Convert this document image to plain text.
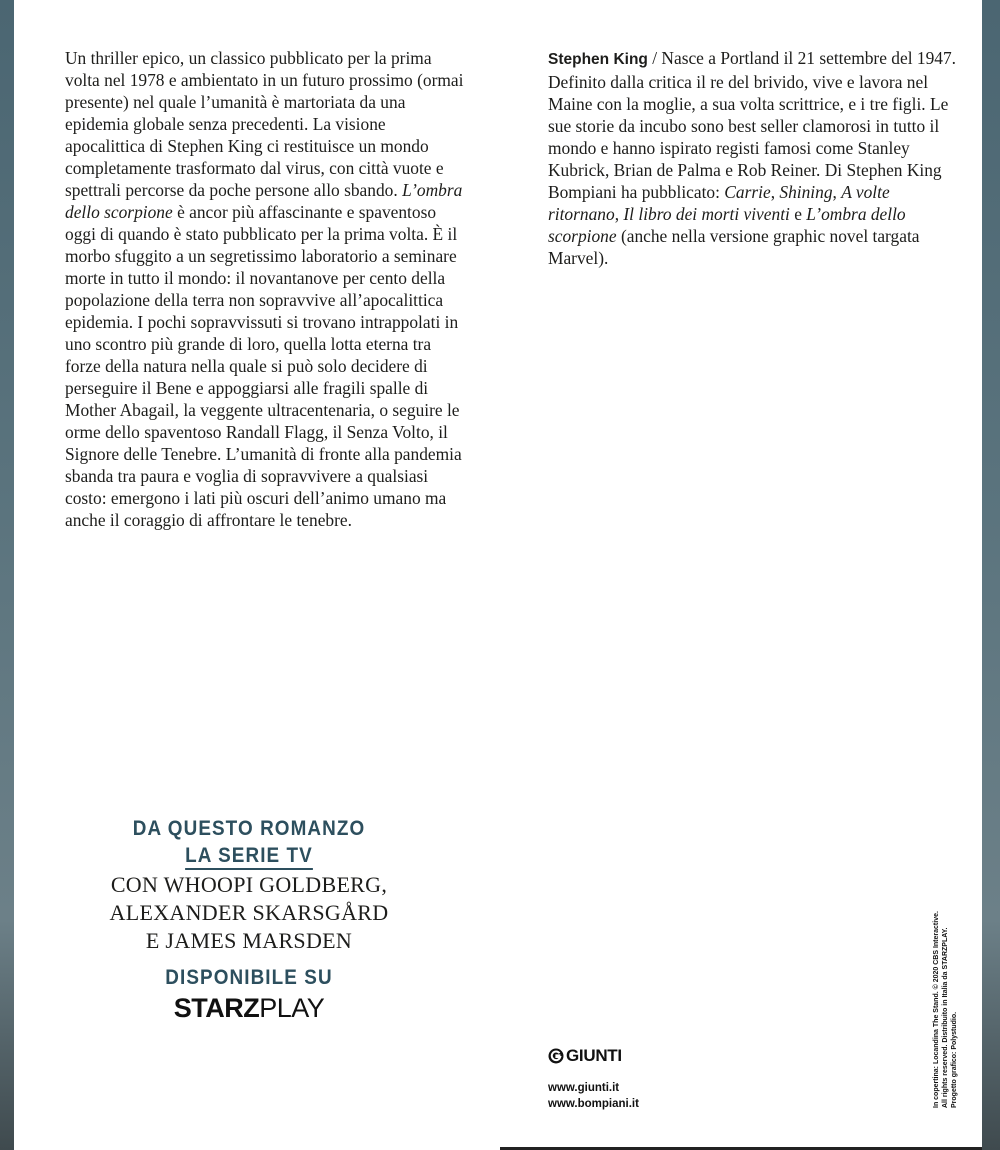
Un thriller epico, un classico pubblicato per la prima volta nel 1978 e ambientato in un futuro prossimo (ormai presente) nel quale l’umanità è martoriata da una epidemia globale senza precedenti. La visione apocalittica di Stephen King ci restituisce un mondo completamente trasformato dal virus, con città vuote e spettrali percorse da poche persone allo sbando. L’ombra dello scorpione è ancor più affascinante e spaventoso oggi di quando è stato pubblicato per la prima volta. È il morbo sfuggito a un segretissimo laboratorio a seminare morte in tutto il mondo: il novantanove per cento della popolazione della terra non sopravvive all’apocalittica epidemia. I pochi sopravvissuti si trovano intrappolati in uno scontro più grande di loro, quella lotta eterna tra forze della natura nella quale si può solo decidere di perseguire il Bene e appoggiarsi alle fragili spalle di Mother Abagail, la veggente ultracentenaria, o seguire le orme dello spaventoso Randall Flagg, il Senza Volto, il Signore delle Tenebre. L’umanità di fronte alla pandemia sbanda tra paura e voglia di sopravvivere a qualsiasi costo: emergono i lati più oscuri dell’animo umano ma anche il coraggio di affrontare le tenebre.

Stephen King / Nasce a Portland il 21 settembre del 1947. Definito dalla critica il re del brivido, vive e lavora nel Maine con la moglie, a sua volta scrittrice, e i tre figli. Le sue storie da incubo sono best seller clamorosi in tutto il mondo e hanno ispirato registi famosi come Stanley Kubrick, Brian de Palma e Rob Reiner. Di Stephen King Bompiani ha pubblicato: Carrie, Shining, A volte ritornano, Il libro dei morti viventi e L’ombra dello scorpione (anche nella versione graphic novel targata Marvel).

DA QUESTO ROMANZO
LA SERIE TV
CON WHOOPI GOLDBERG,
ALEXANDER SKARSGÅRD
E JAMES MARSDEN
DISPONIBILE SU
STARZPLAY
GIUNTI
www.giunti.it
www.bompiani.it	In copertina: Locandina The Stand. © 2020 CBS Interactive. All rights reserved. Distribuito in Italia da STARZPLAY. Progetto grafico: Polystudio.
